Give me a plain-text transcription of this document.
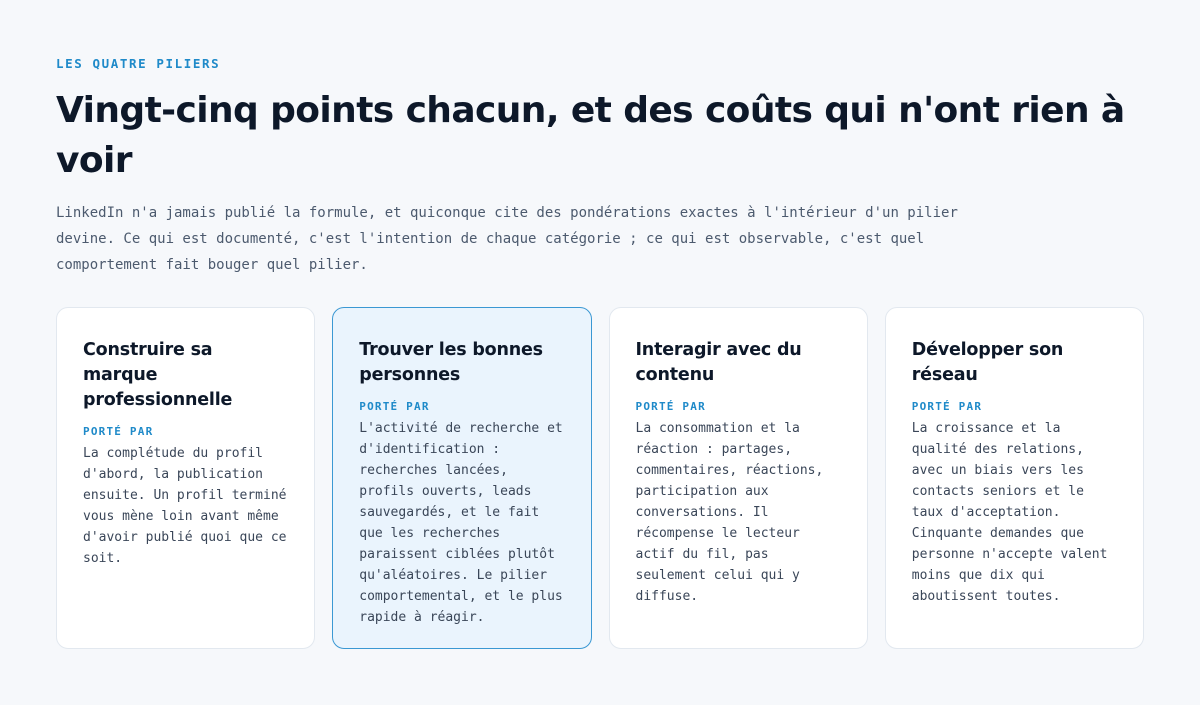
LES QUATRE PILIERS
Vingt-cinq points chacun, et des coûts qui n'ont rien à voir

LinkedIn n'a jamais publié la formule, et quiconque cite des pondérations exactes à l'intérieur d'un pilier devine. Ce qui est documenté, c'est l'intention de chaque catégorie ; ce qui est observable, c'est quel comportement fait bouger quel pilier.

Construire sa marque professionnelle
PORTÉ PAR
La complétude du profil d'abord, la publication ensuite. Un profil terminé vous mène loin avant même d'avoir publié quoi que ce soit.
Trouver les bonnes personnes
PORTÉ PAR
L'activité de recherche et d'identification : recherches lancées, profils ouverts, leads sauvegardés, et le fait que les recherches paraissent ciblées plutôt qu'aléatoires. Le pilier comportemental, et le plus rapide à réagir.
Interagir avec du contenu
PORTÉ PAR
La consommation et la réaction : partages, commentaires, réactions, participation aux conversations. Il récompense le lecteur actif du fil, pas seulement celui qui y diffuse.
Développer son réseau
PORTÉ PAR
La croissance et la qualité des relations, avec un biais vers les contacts seniors et le taux d'acceptation. Cinquante demandes que personne n'accepte valent moins que dix qui aboutissent toutes.
